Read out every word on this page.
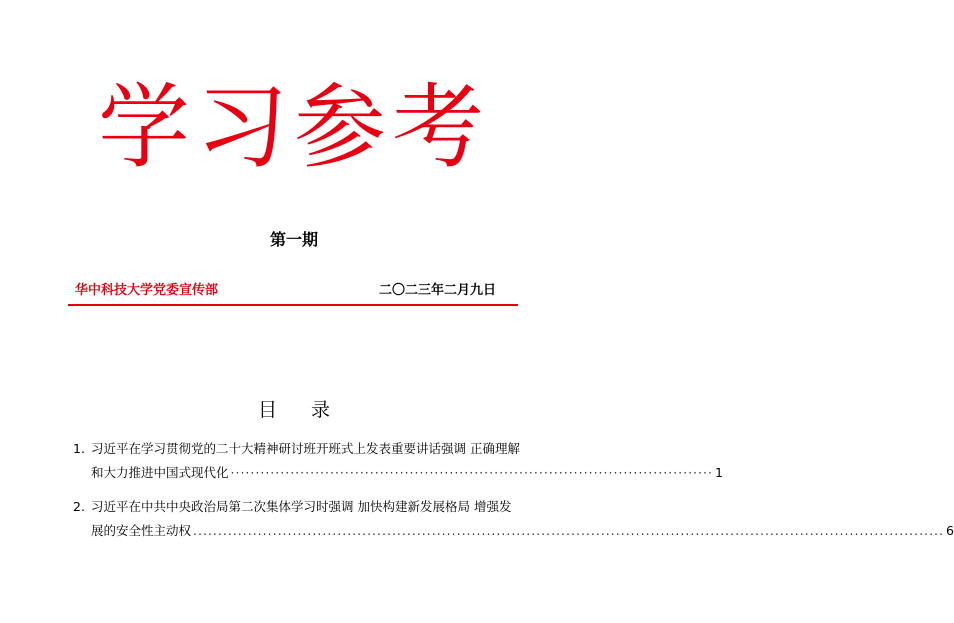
学习参考
第一期
华中科技大学党委宣传部	二〇二三年二月九日
目 录
1. 习近平在学习贯彻党的二十大精神研讨班开班式上发表重要讲话强调 正确理解
和大力推进中国式现代化 ································································································· 1
2. 习近平在中共中央政治局第二次集体学习时强调 加快构建新发展格局 增强发
展的安全性主动权 ....................................................................................................................................................... 6
